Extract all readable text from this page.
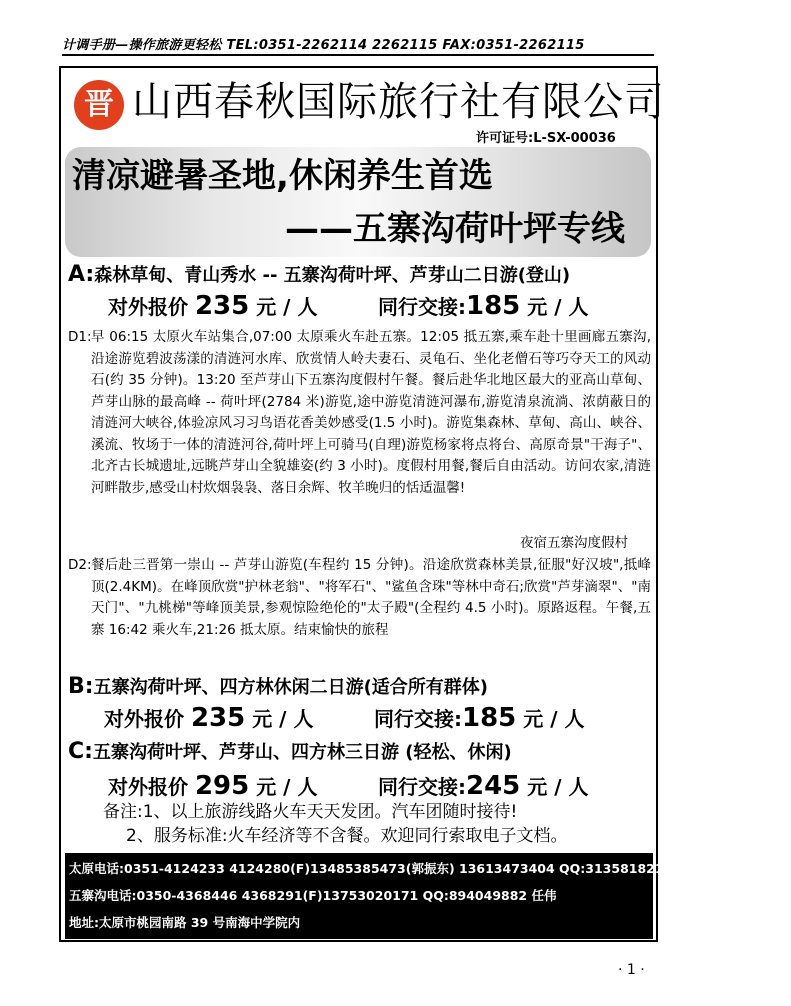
计调手册—操作旅游更轻松 TEL:0351-2262114 2262115 FAX:0351-2262115
晋 山西春秋国际旅行社有限公司
许可证号:L-SX-00036
清凉避暑圣地,休闲养生首选
——五寨沟荷叶坪专线
A:森林草甸、青山秀水 -- 五寨沟荷叶坪、芦芽山二日游(登山)
对外报价 235 元 / 人	同行交接:185 元 / 人
D1: 早 06:15 太原火车站集合,07:00 太原乘火车赴五寨。12:05 抵五寨,乘车赴十里画廊五寨沟,沿途游览碧波荡漾的清涟河水库、欣赏情人岭夫妻石、灵龟石、坐化老僧石等巧夺天工的风动石(约 35 分钟)。13:20 至芦芽山下五寨沟度假村午餐。餐后赴华北地区最大的亚高山草甸、芦芽山脉的最高峰 -- 荷叶坪(2784 米)游览,途中游览清涟河瀑布,游览清泉流淌、浓荫蔽日的清涟河大峡谷,体验凉风习习鸟语花香美妙感受(1.5 小时)。游览集森林、草甸、高山、峡谷、溪流、牧场于一体的清涟河谷,荷叶坪上可骑马(自理)游览杨家将点将台、高原奇景"干海子"、北齐古长城遗址,远眺芦芽山全貌雄姿(约 3 小时)。度假村用餐,餐后自由活动。访问农家,清涟河畔散步,感受山村炊烟袅袅、落日余辉、牧羊晚归的恬适温馨!
夜宿五寨沟度假村
D2: 餐后赴三晋第一崇山 -- 芦芽山游览(车程约 15 分钟)。沿途欣赏森林美景,征服"好汉坡",抵峰顶(2.4KM)。在峰顶欣赏"护林老翁"、"将军石"、"鲨鱼含珠"等林中奇石;欣赏"芦芽滴翠"、"南天门"、"九桃梯"等峰顶美景,参观惊险绝伦的"太子殿"(全程约 4.5 小时)。原路返程。午餐,五寨 16:42 乘火车,21:26 抵太原。结束愉快的旅程
B:五寨沟荷叶坪、四方林休闲二日游(适合所有群体)
对外报价 235 元 / 人	同行交接:185 元 / 人
C:五寨沟荷叶坪、芦芽山、四方林三日游 (轻松、休闲)
对外报价 295 元 / 人	同行交接:245 元 / 人
备注:1、以上旅游线路火车天天发团。汽车团随时接待!
2、服务标准:火车经济等不含餐。欢迎同行索取电子文档。
太原电话:0351-4124233 4124280(F)13485385473(郭振东) 13613473404 QQ:313581821(已满) 1085272444
五寨沟电话:0350-4368446 4368291(F)13753020171 QQ:894049882 任伟
地址:太原市桃园南路 39 号南海中学院内
· 1 ·
